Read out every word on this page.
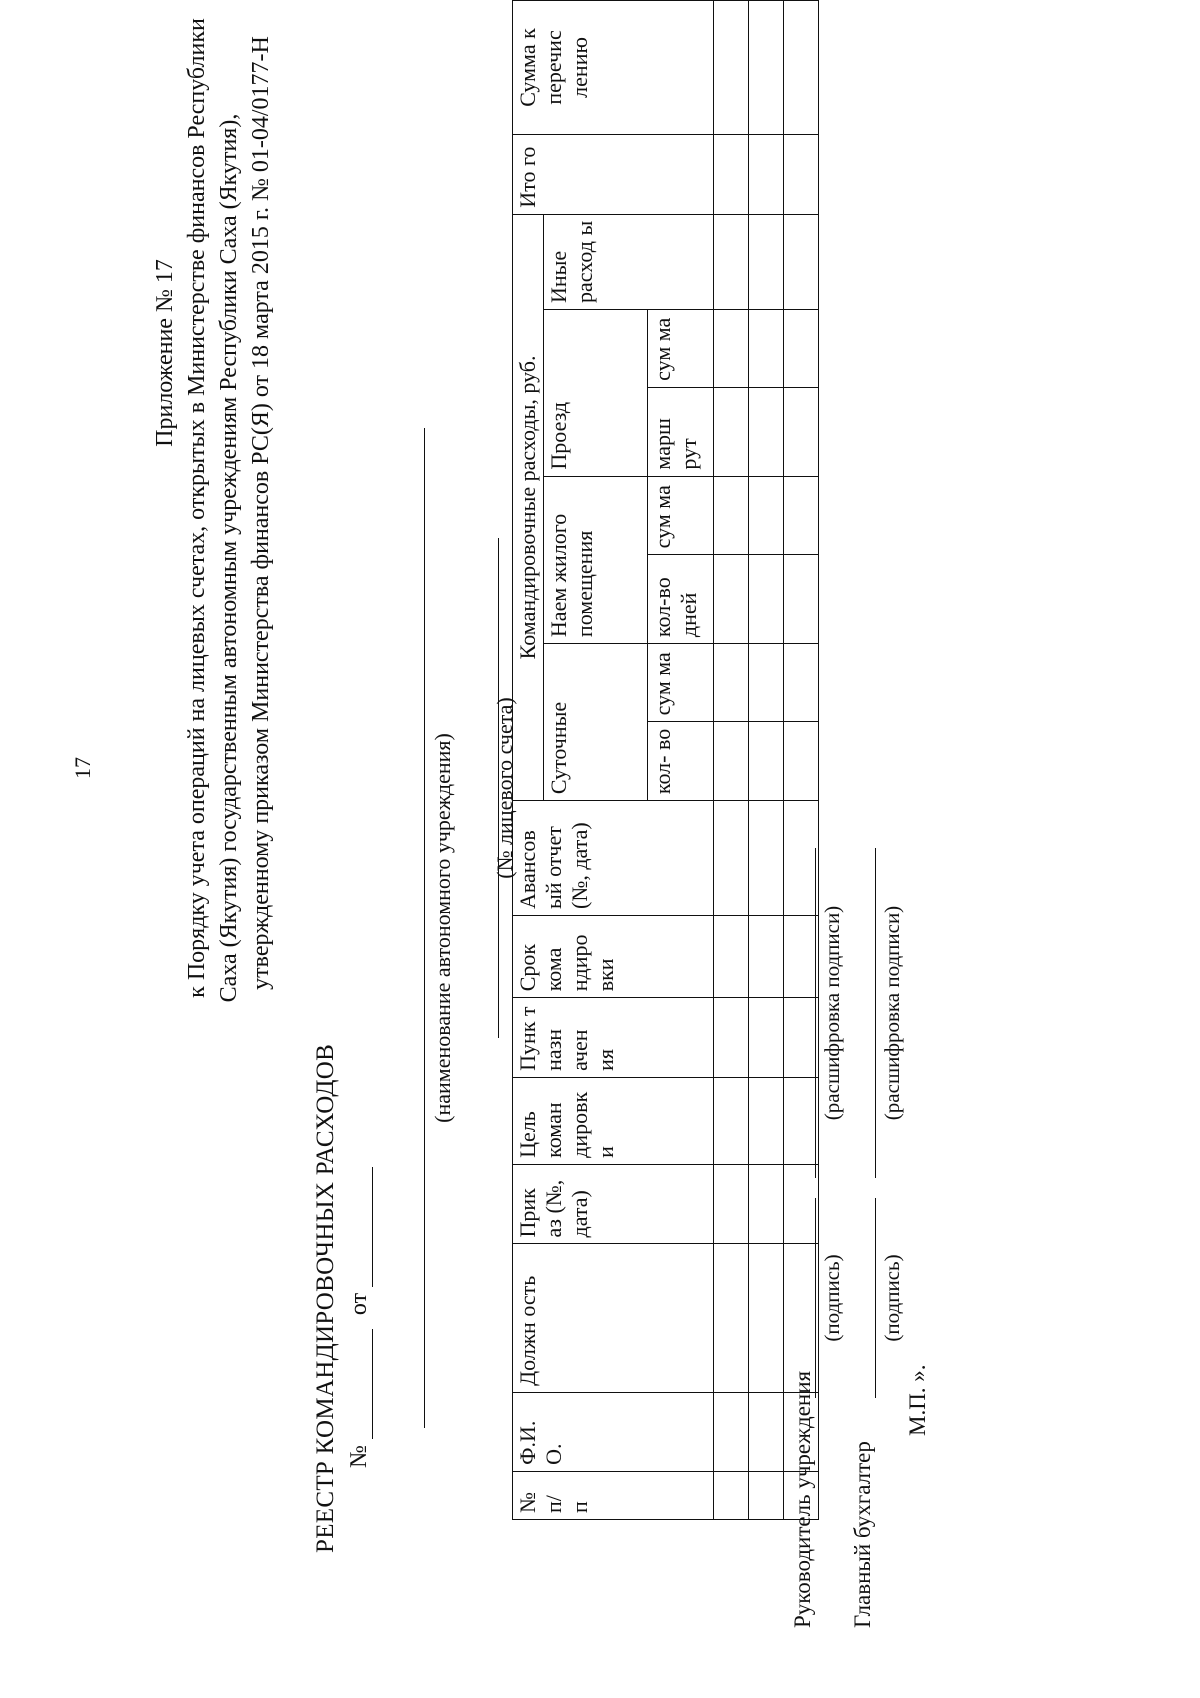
17
Приложение № 17 к Порядку учета операций на лицевых счетах, открытых в Министерстве финансов Республики Саха (Якутия) государственным автономным учреждениям Республики Саха (Якутия), утвержденному приказом Министерства финансов РС(Я) от 18 марта 2015 г. № 01-04/0177-Н
РЕЕСТР КОМАНДИРОВОЧНЫХ РАСХОДОВ №  от
(наименование автономного учреждения) (№ лицевого счета)
№ п/ п	Ф.И. О.	Должн ость	Прик аз (№, дата)	Цель коман дировк и	Пунк т назн ачен ия	Срок кома ндиро вки	Авансов ый отчет (№, дата)	Командировочные расходы, руб.							Ито го	Сумма к перечис лению
								Суточные		Наем жилого помещения		Проезд		Иные расход ы		
								кол- во	сум ма	кол-во дней	сум ма	марш рут	сум ма			

Руководитель учреждения
(подпись)
(расшифровка подписи)
Главный бухгалтер
(подпись)
(расшифровка подписи)
М.П. ».
